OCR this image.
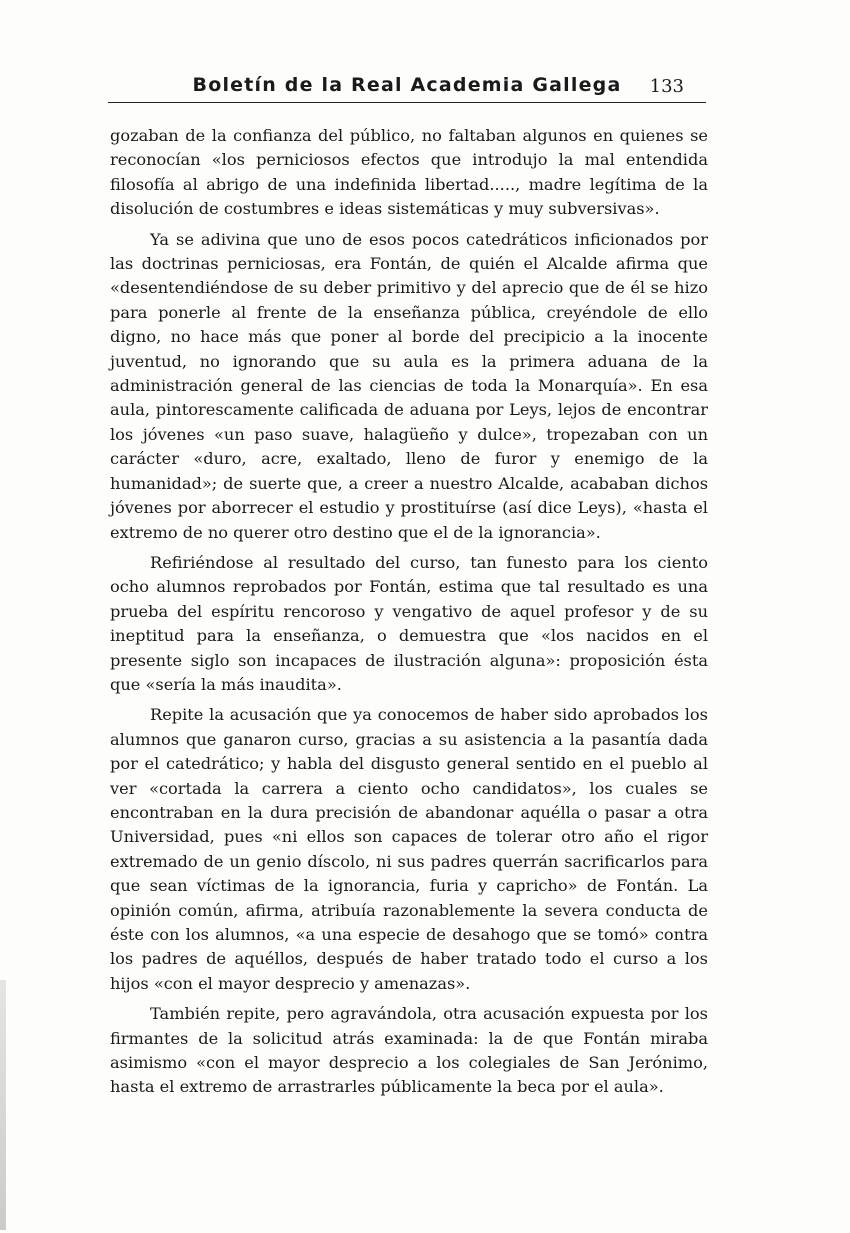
Boletín de la Real Academia Gallega	133

gozaban de la confianza del público, no faltaban algunos en quienes se reconocían «los perniciosos efectos que introdujo la mal entendida filosofía al abrigo de una indefinida libertad....., madre legítima de la disolución de costumbres e ideas sistemáticas y muy subversivas».

Ya se adivina que uno de esos pocos catedráticos inficionados por las doctrinas perniciosas, era Fontán, de quién el Alcalde afirma que «desentendiéndose de su deber primitivo y del aprecio que de él se hizo para ponerle al frente de la enseñanza pública, creyéndole de ello digno, no hace más que poner al borde del precipicio a la inocente juventud, no ignorando que su aula es la primera aduana de la administración general de las ciencias de toda la Monarquía». En esa aula, pintorescamente calificada de aduana por Leys, lejos de encontrar los jóvenes «un paso suave, halagüeño y dulce», tropezaban con un carácter «duro, acre, exaltado, lleno de furor y enemigo de la humanidad»; de suerte que, a creer a nuestro Alcalde, acababan dichos jóvenes por aborrecer el estudio y prostituírse (así dice Leys), «hasta el extremo de no querer otro destino que el de la ignorancia».

Refiriéndose al resultado del curso, tan funesto para los ciento ocho alumnos reprobados por Fontán, estima que tal resultado es una prueba del espíritu rencoroso y vengativo de aquel profesor y de su ineptitud para la enseñanza, o demuestra que «los nacidos en el presente siglo son incapaces de ilustración alguna»: proposición ésta que «sería la más inaudita».

Repite la acusación que ya conocemos de haber sido aprobados los alumnos que ganaron curso, gracias a su asistencia a la pasantía dada por el catedrático; y habla del disgusto general sentido en el pueblo al ver «cortada la carrera a ciento ocho candidatos», los cuales se encontraban en la dura precisión de abandonar aquélla o pasar a otra Universidad, pues «ni ellos son capaces de tolerar otro año el rigor extremado de un genio díscolo, ni sus padres querrán sacrificarlos para que sean víctimas de la ignorancia, furia y capricho» de Fontán. La opinión común, afirma, atribuía razonablemente la severa conducta de éste con los alumnos, «a una especie de desahogo que se tomó» contra los padres de aquéllos, después de haber tratado todo el curso a los hijos «con el mayor desprecio y amenazas».

También repite, pero agravándola, otra acusación expuesta por los firmantes de la solicitud atrás examinada: la de que Fontán miraba asimismo «con el mayor desprecio a los colegiales de San Jerónimo, hasta el extremo de arrastrarles públicamente la beca por el aula».
